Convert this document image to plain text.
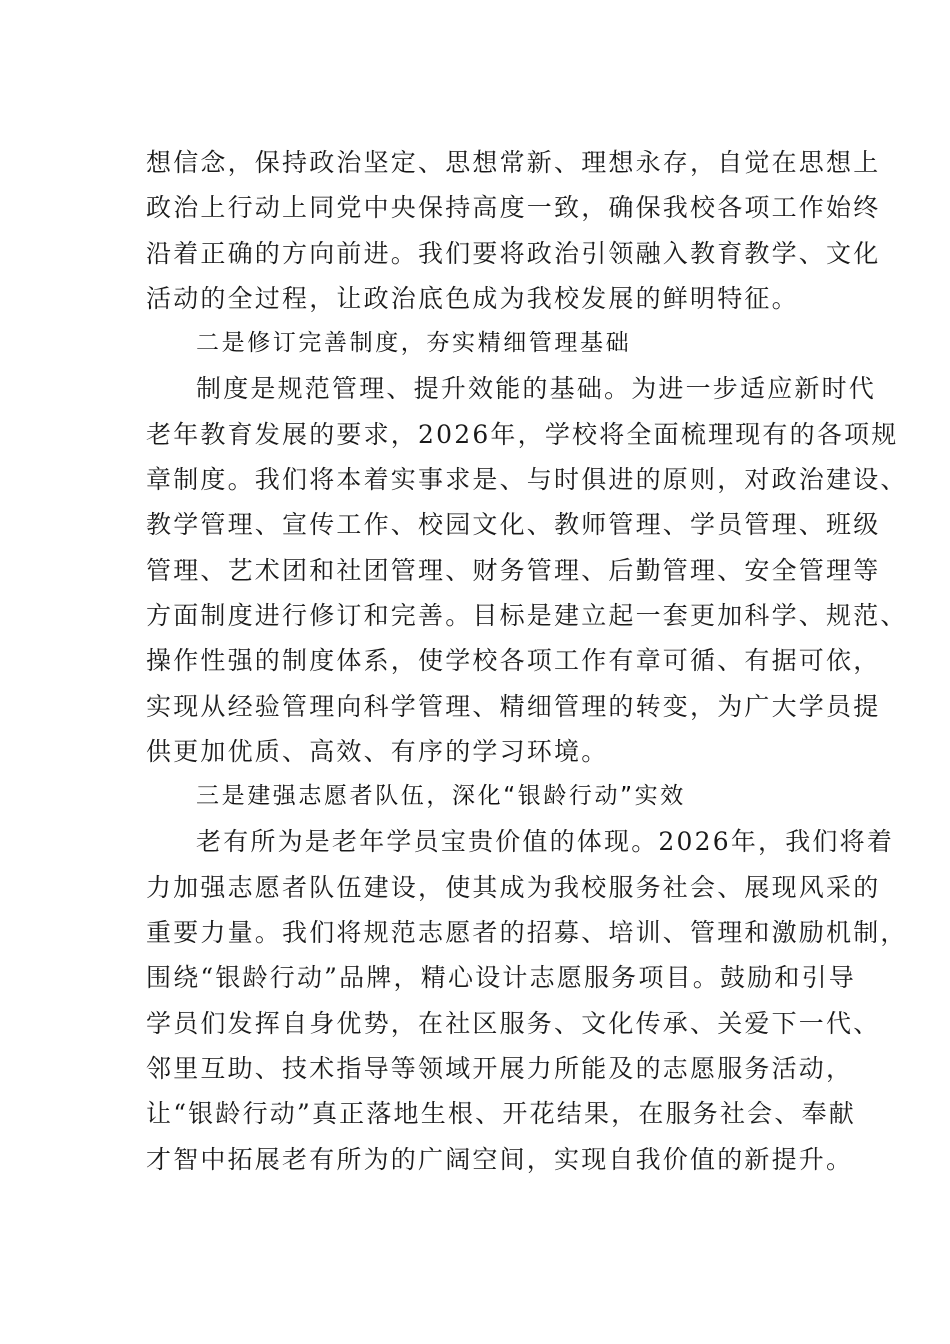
想信念，保持政治坚定、思想常新、理想永存，自觉在思想上
政治上行动上同党中央保持高度一致，确保我校各项工作始终
沿着正确的方向前进。我们要将政治引领融入教育教学、文化
活动的全过程，让政治底色成为我校发展的鲜明特征。
二是修订完善制度，夯实精细管理基础
制度是规范管理、提升效能的基础。为进一步适应新时代
老年教育发展的要求，2026年，学校将全面梳理现有的各项规
章制度。我们将本着实事求是、与时俱进的原则，对政治建设、
教学管理、宣传工作、校园文化、教师管理、学员管理、班级
管理、艺术团和社团管理、财务管理、后勤管理、安全管理等
方面制度进行修订和完善。目标是建立起一套更加科学、规范、
操作性强的制度体系，使学校各项工作有章可循、有据可依，
实现从经验管理向科学管理、精细管理的转变，为广大学员提
供更加优质、高效、有序的学习环境。
三是建强志愿者队伍，深化“银龄行动”实效
老有所为是老年学员宝贵价值的体现。2026年，我们将着
力加强志愿者队伍建设，使其成为我校服务社会、展现风采的
重要力量。我们将规范志愿者的招募、培训、管理和激励机制，
围绕“银龄行动”品牌，精心设计志愿服务项目。鼓励和引导
学员们发挥自身优势，在社区服务、文化传承、关爱下一代、
邻里互助、技术指导等领域开展力所能及的志愿服务活动，
让“银龄行动”真正落地生根、开花结果，在服务社会、奉献
才智中拓展老有所为的广阔空间，实现自我价值的新提升。
